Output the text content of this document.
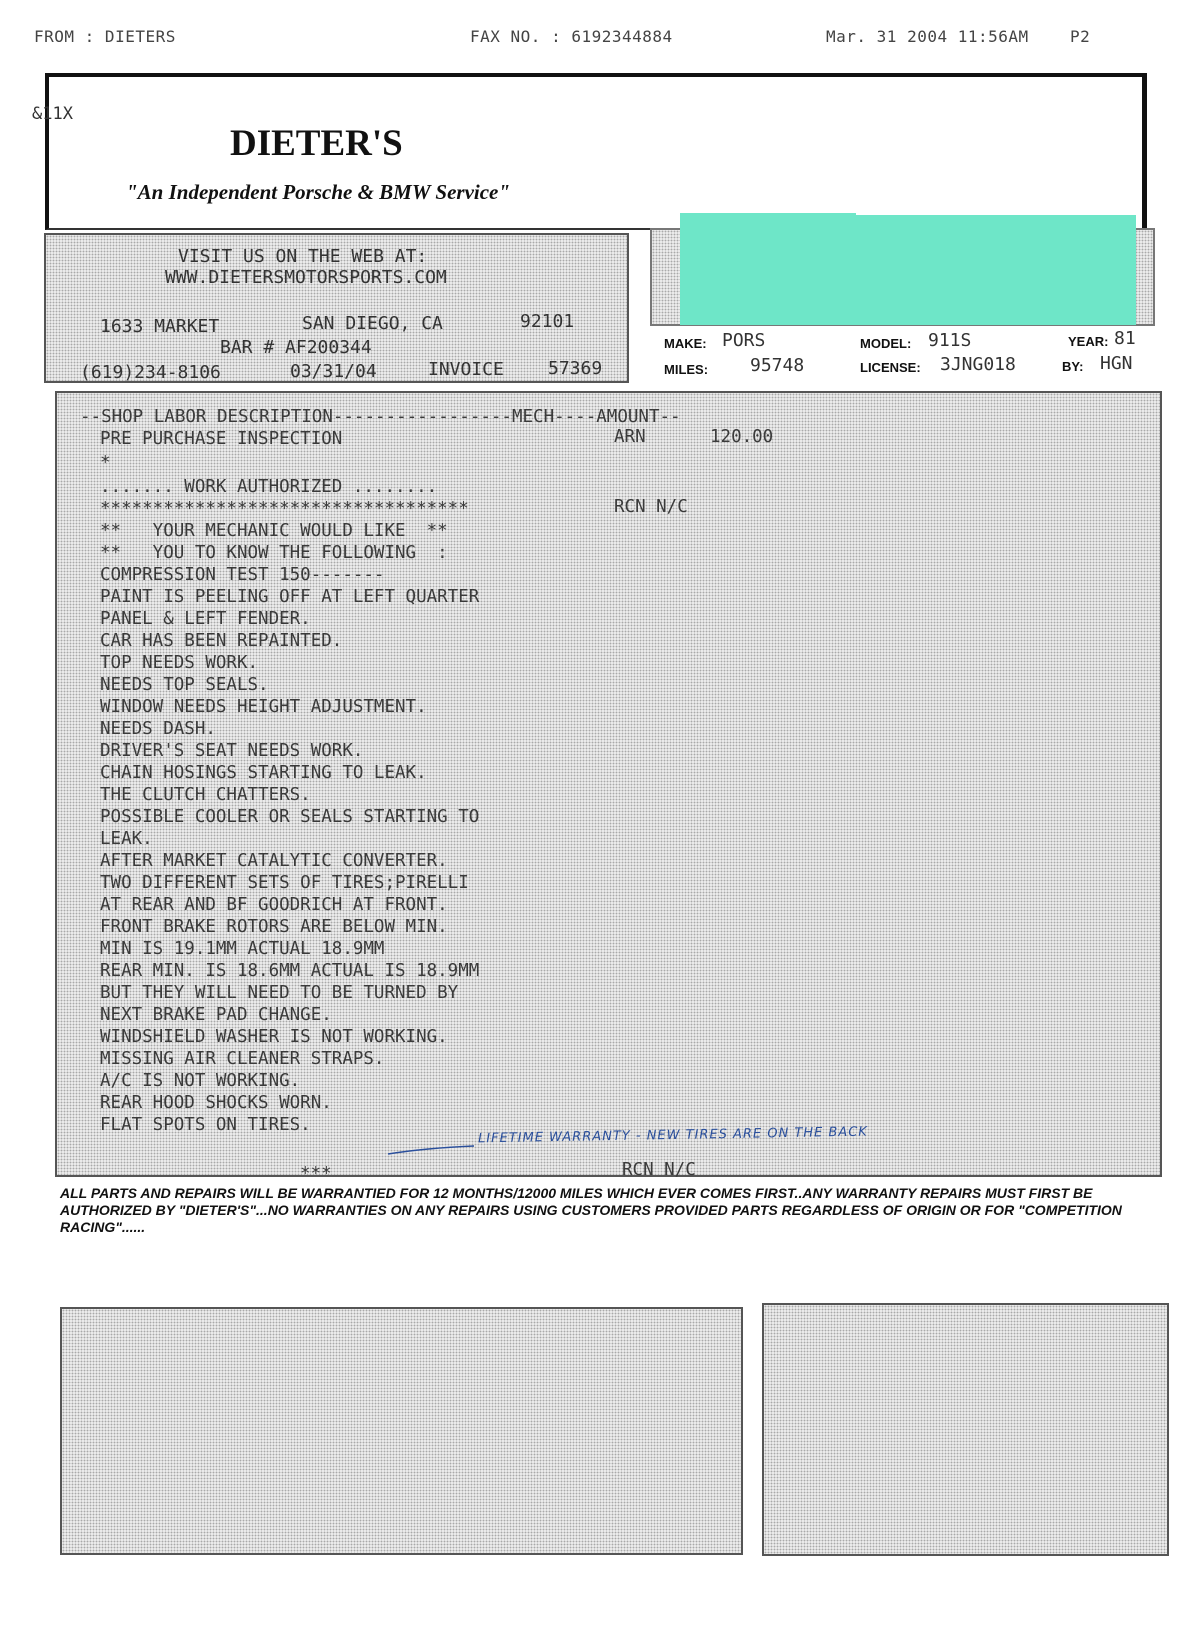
FROM : DIETERS	FAX NO. : 6192344884	Mar. 31 2004 11:56AM	P2
&11X
DIETER'S
"An Independent Porsche & BMW Service"
VISIT US ON THE WEB AT:
WWW.DIETERSMOTORSPORTS.COM
1633 MARKET	SAN DIEGO, CA	92101
BAR # AF200344
(619)234-8106	03/31/04	INVOICE 57369
MAKE: PORS	MODEL: 911S	YEAR: 81
MILES: 95748	LICENSE: 3JNG018	BY: HGN
--SHOP LABOR DESCRIPTION-----------------MECH----AMOUNT--
PRE PURCHASE INSPECTION	ARN	120.00
*
....... WORK AUTHORIZED ........
***********************************	RCN N/C
**   YOUR MECHANIC WOULD LIKE  **
**   YOU TO KNOW THE FOLLOWING  :
COMPRESSION TEST 150-------
PAINT IS PEELING OFF AT LEFT QUARTER
PANEL & LEFT FENDER.
CAR HAS BEEN REPAINTED.
TOP NEEDS WORK.
NEEDS TOP SEALS.
WINDOW NEEDS HEIGHT ADJUSTMENT.
NEEDS DASH.
DRIVER'S SEAT NEEDS WORK.
CHAIN HOSINGS STARTING TO LEAK.
THE CLUTCH CHATTERS.
POSSIBLE COOLER OR SEALS STARTING TO
LEAK.
AFTER MARKET CATALYTIC CONVERTER.
TWO DIFFERENT SETS OF TIRES;PIRELLI
AT REAR AND BF GOODRICH AT FRONT.
FRONT BRAKE ROTORS ARE BELOW MIN.
MIN IS 19.1MM ACTUAL 18.9MM
REAR MIN. IS 18.6MM ACTUAL IS 18.9MM
BUT THEY WILL NEED TO BE TURNED BY
NEXT BRAKE PAD CHANGE.
WINDSHIELD WASHER IS NOT WORKING.
MISSING AIR CLEANER STRAPS.
A/C IS NOT WORKING.
REAR HOOD SHOCKS WORN.
FLAT SPOTS ON TIRES.	LIFETIME WARRANTY - NEW TIRES ARE ON THE BACK
***	RCN N/C
ALL PARTS AND REPAIRS WILL BE WARRANTIED FOR 12 MONTHS/12000 MILES WHICH EVER COMES FIRST..ANY WARRANTY REPAIRS MUST FIRST BE AUTHORIZED BY "DIETER'S"...NO WARRANTIES ON ANY REPAIRS USING CUSTOMERS PROVIDED PARTS REGARDLESS OF ORIGIN OR FOR "COMPETITION RACING"......
